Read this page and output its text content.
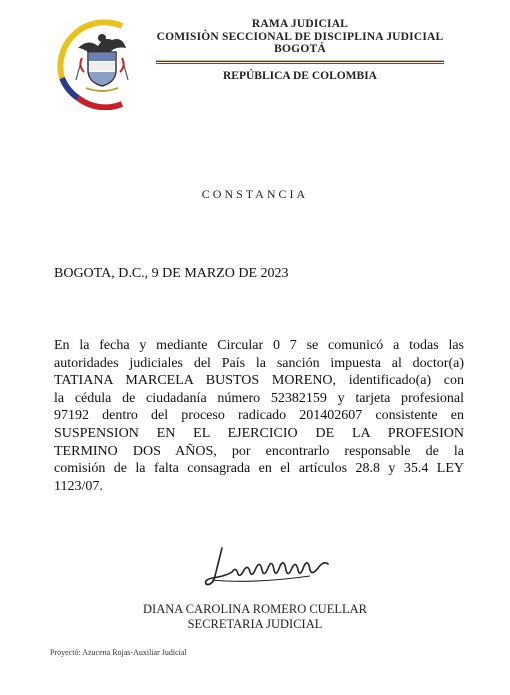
RAMA JUDICIAL
COMISIÒN SECCIONAL DE DISCIPLINA JUDICIAL
BOGOTÁ
REPÚBLICA DE COLOMBIA
CONSTANCIA
BOGOTA, D.C., 9 DE MARZO DE 2023
En la fecha y mediante Circular 0 7 se comunicó a todas las
autoridades judiciales del País la sanción impuesta al doctor(a)
TATIANA MARCELA BUSTOS MORENO, identificado(a) con
la cédula de ciudadanía número 52382159 y tarjeta profesional
97192 dentro del proceso radicado 201402607 consistente en
SUSPENSION EN EL EJERCICIO DE LA PROFESION
TERMINO DOS AÑOS, por encontrarlo responsable de la
comisión de la falta consagrada en el artículos 28.8 y 35.4 LEY
1123/07.
DIANA CAROLINA ROMERO CUELLAR
SECRETARIA JUDICIAL
Proyectó: Azucena Rojas-Auxiliar Judicial
